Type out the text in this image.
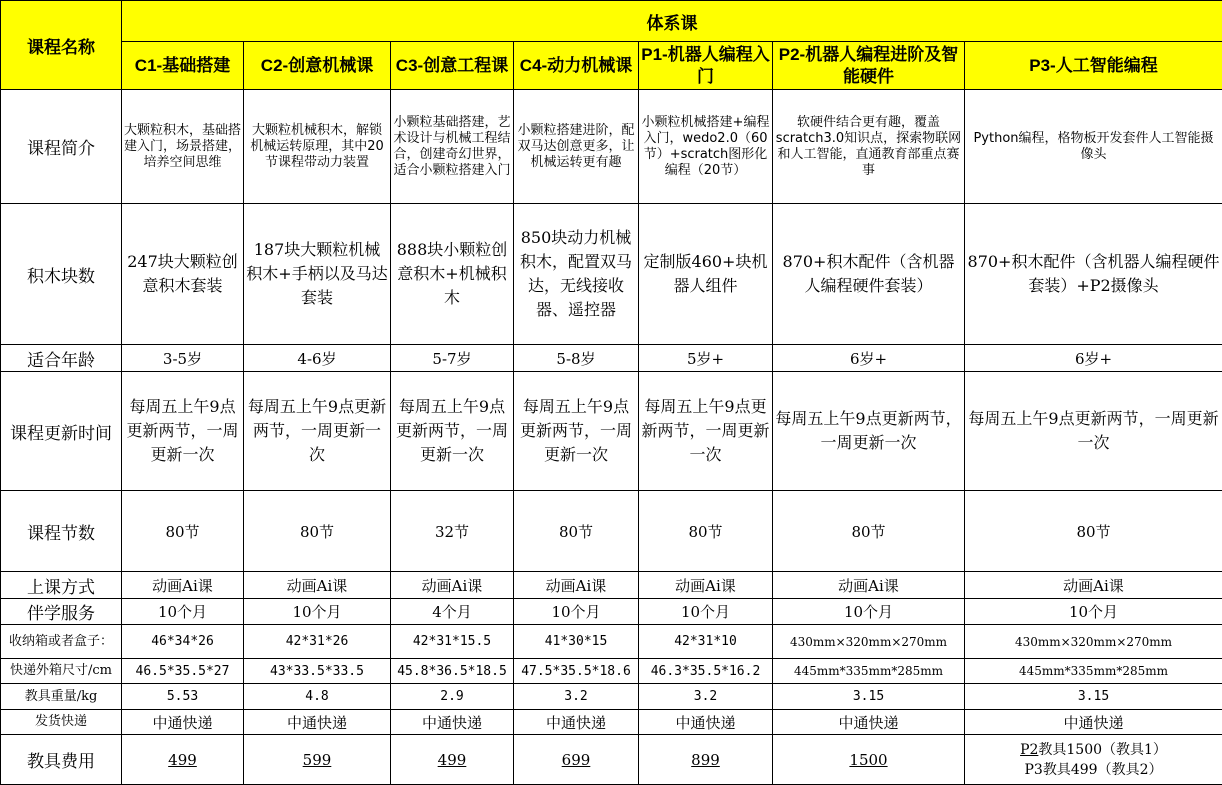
课程名称	体系课						
	C1-基础搭建	C2-创意机械课	C3-创意工程课	C4-动力机械课	P1-机器人编程入门	P2-机器人编程进阶及智能硬件	P3-人工智能编程
课程简介	大颗粒积木，基础搭建入门，场景搭建，培养空间思维	大颗粒机械积木，解锁机械运转原理，其中20节课程带动力装置	小颗粒基础搭建，艺术设计与机械工程结合，创建奇幻世界，适合小颗粒搭建入门	小颗粒搭建进阶，配双马达创意更多，让机械运转更有趣	小颗粒机械搭建+编程入门，wedo2.0（60节）+scratch图形化编程（20节）	软硬件结合更有趣，覆盖scratch3.0知识点，探索物联网和人工智能，直通教育部重点赛事	Python编程，格物板开发套件人工智能摄像头
积木块数	247块大颗粒创意积木套装	187块大颗粒机械积木+手柄以及马达套装	888块小颗粒创意积木+机械积木	850块动力机械积木，配置双马达，无线接收器、遥控器	定制版460+块机器人组件	870+积木配件（含机器人编程硬件套装）	870+积木配件（含机器人编程硬件套装）+P2摄像头
适合年龄	3-5岁	4-6岁	5-7岁	5-8岁	5岁+	6岁+	6岁+
课程更新时间	每周五上午9点更新两节，一周更新一次	每周五上午9点更新两节，一周更新一次	每周五上午9点更新两节，一周更新一次	每周五上午9点更新两节，一周更新一次	每周五上午9点更新两节，一周更新一次	每周五上午9点更新两节，一周更新一次	每周五上午9点更新两节，一周更新一次
课程节数	80节	80节	32节	80节	80节	80节	80节
上课方式	动画Ai课	动画Ai课	动画Ai课	动画Ai课	动画Ai课	动画Ai课	动画Ai课
伴学服务	10个月	10个月	4个月	10个月	10个月	10个月	10个月
收纳箱或者盒子：	46*34*26	42*31*26	42*31*15.5	41*30*15	42*31*10	430mm×320mm×270mm	430mm×320mm×270mm
快递外箱尺寸/cm	46.5*35.5*27	43*33.5*33.5	45.8*36.5*18.5	47.5*35.5*18.6	46.3*35.5*16.2	445mm*335mm*285mm	445mm*335mm*285mm
教具重量/kg	5.53	4.8	2.9	3.2	3.2	3.15	3.15
发货快递	中通快递	中通快递	中通快递	中通快递	中通快递	中通快递	中通快递
教具费用	499	599	499	699	899	1500	P2教具1500（教具1）
P3教具499（教具2）
